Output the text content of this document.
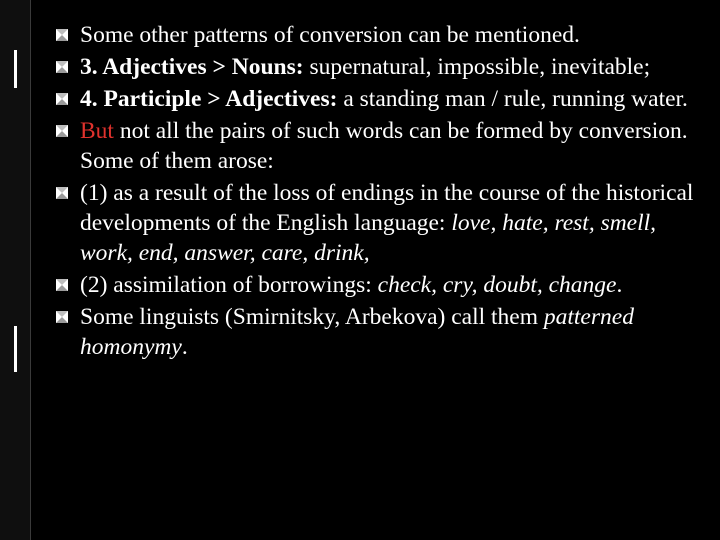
Some other patterns of conversion can be mentioned.
3. Adjectives > Nouns: supernatural, impossible, inevitable;
4. Participle > Adjectives: a standing man / rule, running water.
But not all the pairs of such words can be formed by conversion. Some of them arose:
(1) as a result of the loss of endings in the course of the historical developments of the English language: love, hate, rest, smell, work, end, answer, care, drink,
(2) assimilation of borrowings: check, cry, doubt, change.
Some linguists (Smirnitsky, Arbekova) call them patterned homonymy.
